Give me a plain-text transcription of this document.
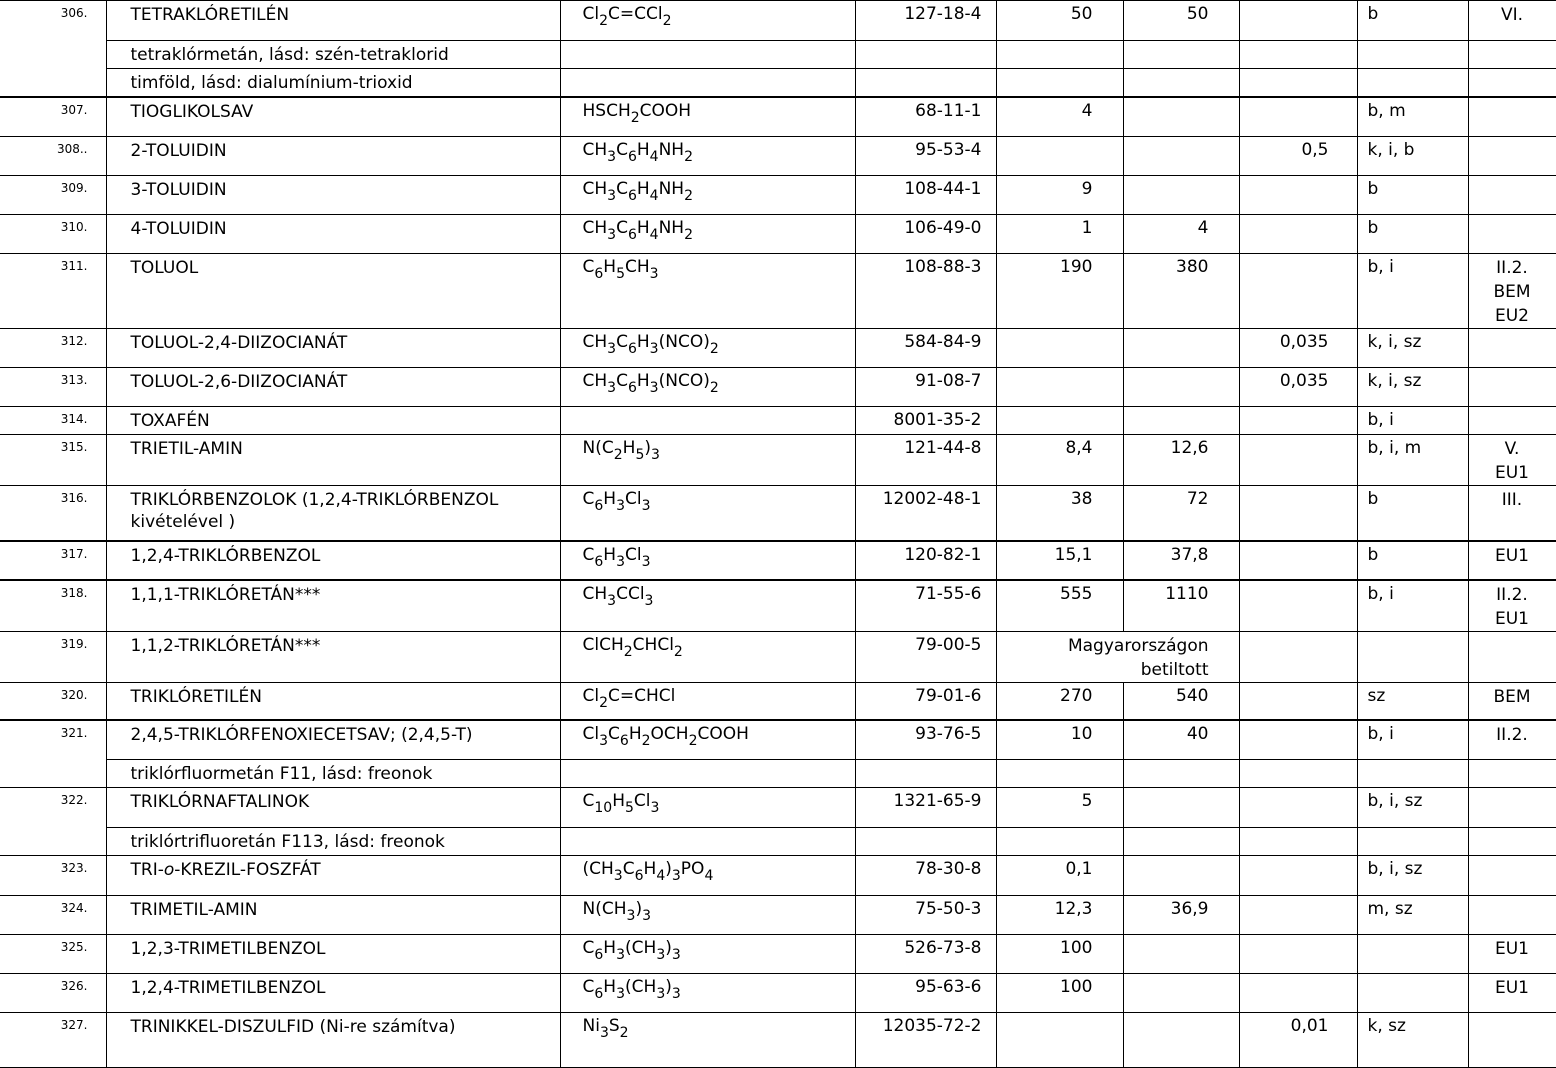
306.	TETRAKLÓRETILÉN	$Cl_2C=CCl_2$	127-18-4	50	50		b	VI.
	tetraklórmetán, lásd: szén-tetraklorid							
	timföld, lásd: dialumínium-trioxid							
307.	TIOGLIKOLSAV	$HSCH_2COOH$	68-11-1	4			b, m	
308..	2-TOLUIDIN	$CH_3C_6H_4NH_2$	95-53-4			0,5	k, i, b	
309.	3-TOLUIDIN	$CH_3C_6H_4NH_2$	108-44-1	9			b	
310.	4-TOLUIDIN	$CH_3C_6H_4NH_2$	106-49-0	1	4		b	
311.	TOLUOL	$C_6H_5CH_3$	108-88-3	190	380		b, i	II.2.
BEM
EU2
312.	TOLUOL-2,4-DIIZOCIANÁT	$CH_3C_6H_3(NCO)_2$	584-84-9			0,035	k, i, sz	
313.	TOLUOL-2,6-DIIZOCIANÁT	$CH_3C_6H_3(NCO)_2$	91-08-7			0,035	k, i, sz	
314.	TOXAFÉN		8001-35-2				b, i	
315.	TRIETIL-AMIN	$N(C_2H_5)_3$	121-44-8	8,4	12,6		b, i, m	V.
EU1
316.	TRIKLÓRBENZOLOK (1,2,4-TRIKLÓRBENZOL kivételével )	$C_6H_3Cl_3$	12002-48-1	38	72		b	III.
317.	1,2,4-TRIKLÓRBENZOL	$C_6H_3Cl_3$	120-82-1	15,1	37,8		b	EU1
318.	1,1,1-TRIKLÓRETÁN***	$CH_3CCl_3$	71-55-6	555	1110		b, i	II.2.
EU1
319.	1,1,2-TRIKLÓRETÁN***	ClCH$_2$CHCl$_2$	79-00-5	Magyarországon betiltott				
320.	TRIKLÓRETILÉN	$Cl_2C=CHCl$	79-01-6	270	540		sz	BEM
321.	2,4,5-TRIKLÓRFENOXIECETSAV; (2,4,5-T)	$Cl_3C_6H_2OCH_2COOH$	93-76-5	10	40		b, i	II.2.
	triklórfluormetán F11, lásd: freonok							
322.	TRIKLÓRNAFTALINOK	$C_{10}H_5Cl_3$	1321-65-9	5			b, i, sz	
	triklórtrifluoretán F113, lásd: freonok							
323.	TRI-o-KREZIL-FOSZFÁT	$(CH_3C_6H_4)_3PO_4$	78-30-8	0,1			b, i, sz	
324.	TRIMETIL-AMIN	$N(CH_3)_3$	75-50-3	12,3	36,9		m, sz	
325.	1,2,3-TRIMETILBENZOL	$C_6H_3(CH_3)_3$	526-73-8	100				EU1
326.	1,2,4-TRIMETILBENZOL	$C_6H_3(CH_3)_3$	95-63-6	100				EU1
327.	TRINIKKEL-DISZULFID (Ni-re számítva)	$Ni_3S_2$	12035-72-2			0,01	k, sz	
